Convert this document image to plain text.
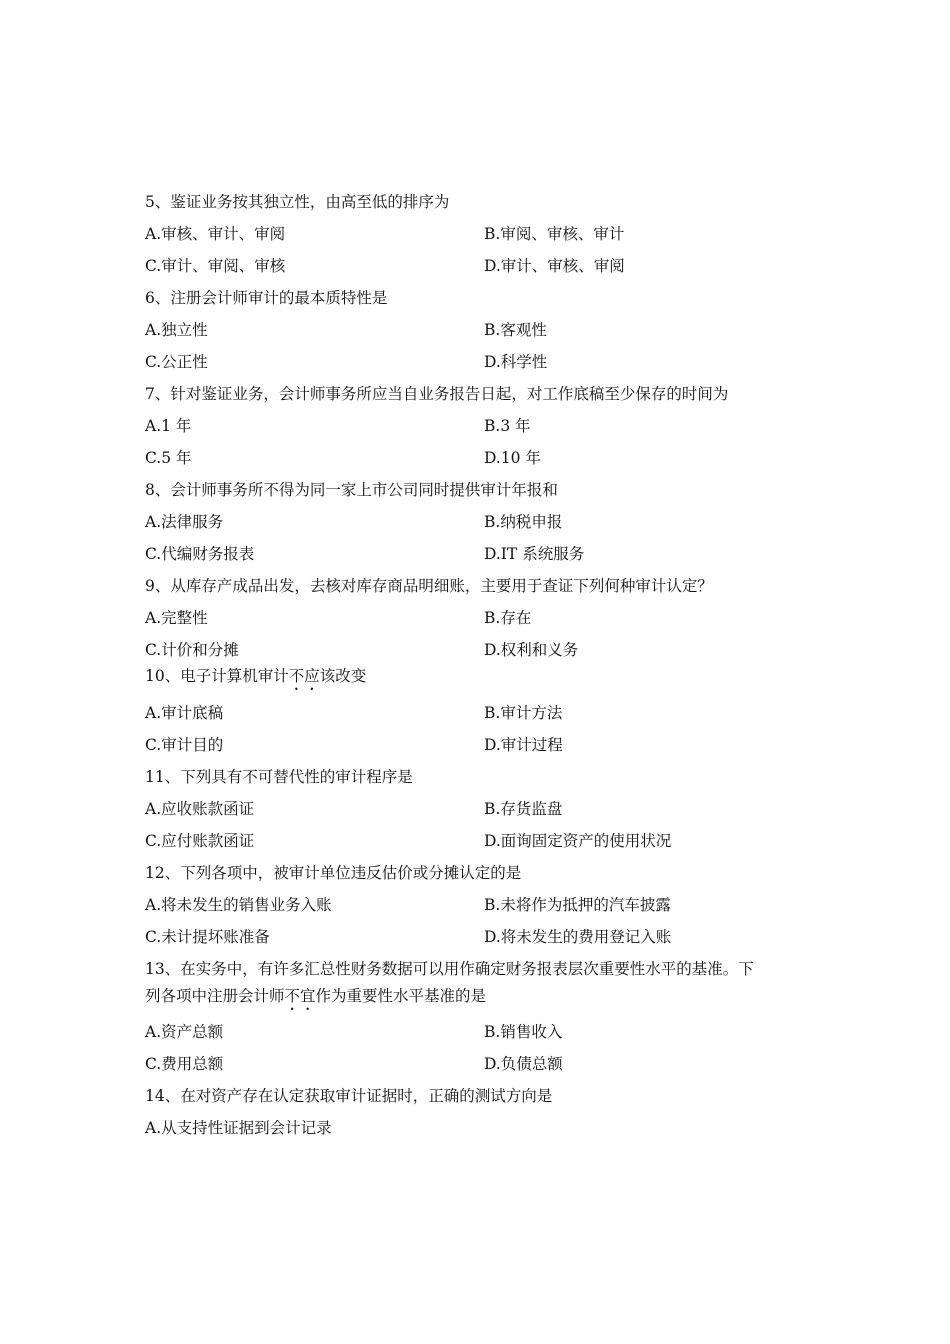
5、鉴证业务按其独立性，由高至低的排序为
A.审核、审计、审阅	B.审阅、审核、审计
C.审计、审阅、审核	D.审计、审核、审阅
6、注册会计师审计的最本质特性是
A.独立性	B.客观性
C.公正性	D.科学性
7、针对鉴证业务，会计师事务所应当自业务报告日起，对工作底稿至少保存的时间为
A.1 年	B.3 年
C.5 年	D.10 年
8、会计师事务所不得为同一家上市公司同时提供审计年报和
A.法律服务	B.纳税申报
C.代编财务报表	D.IT 系统服务
9、从库存产成品出发，去核对库存商品明细账，主要用于查证下列何种审计认定？
A.完整性	B.存在
C.计价和分摊	D.权利和义务
10、电子计算机审计不应该改变
A.审计底稿	B.审计方法
C.审计目的	D.审计过程
11、下列具有不可替代性的审计程序是
A.应收账款函证	B.存货监盘
C.应付账款函证	D.面询固定资产的使用状况
12、下列各项中，被审计单位违反估价或分摊认定的是
A.将未发生的销售业务入账	B.未将作为抵押的汽车披露
C.未计提坏账准备	D.将未发生的费用登记入账
13、在实务中，有许多汇总性财务数据可以用作确定财务报表层次重要性水平的基准。下
列各项中注册会计师不宜作为重要性水平基准的是
A.资产总额	B.销售收入
C.费用总额	D.负债总额
14、在对资产存在认定获取审计证据时，正确的测试方向是
A.从支持性证据到会计记录
